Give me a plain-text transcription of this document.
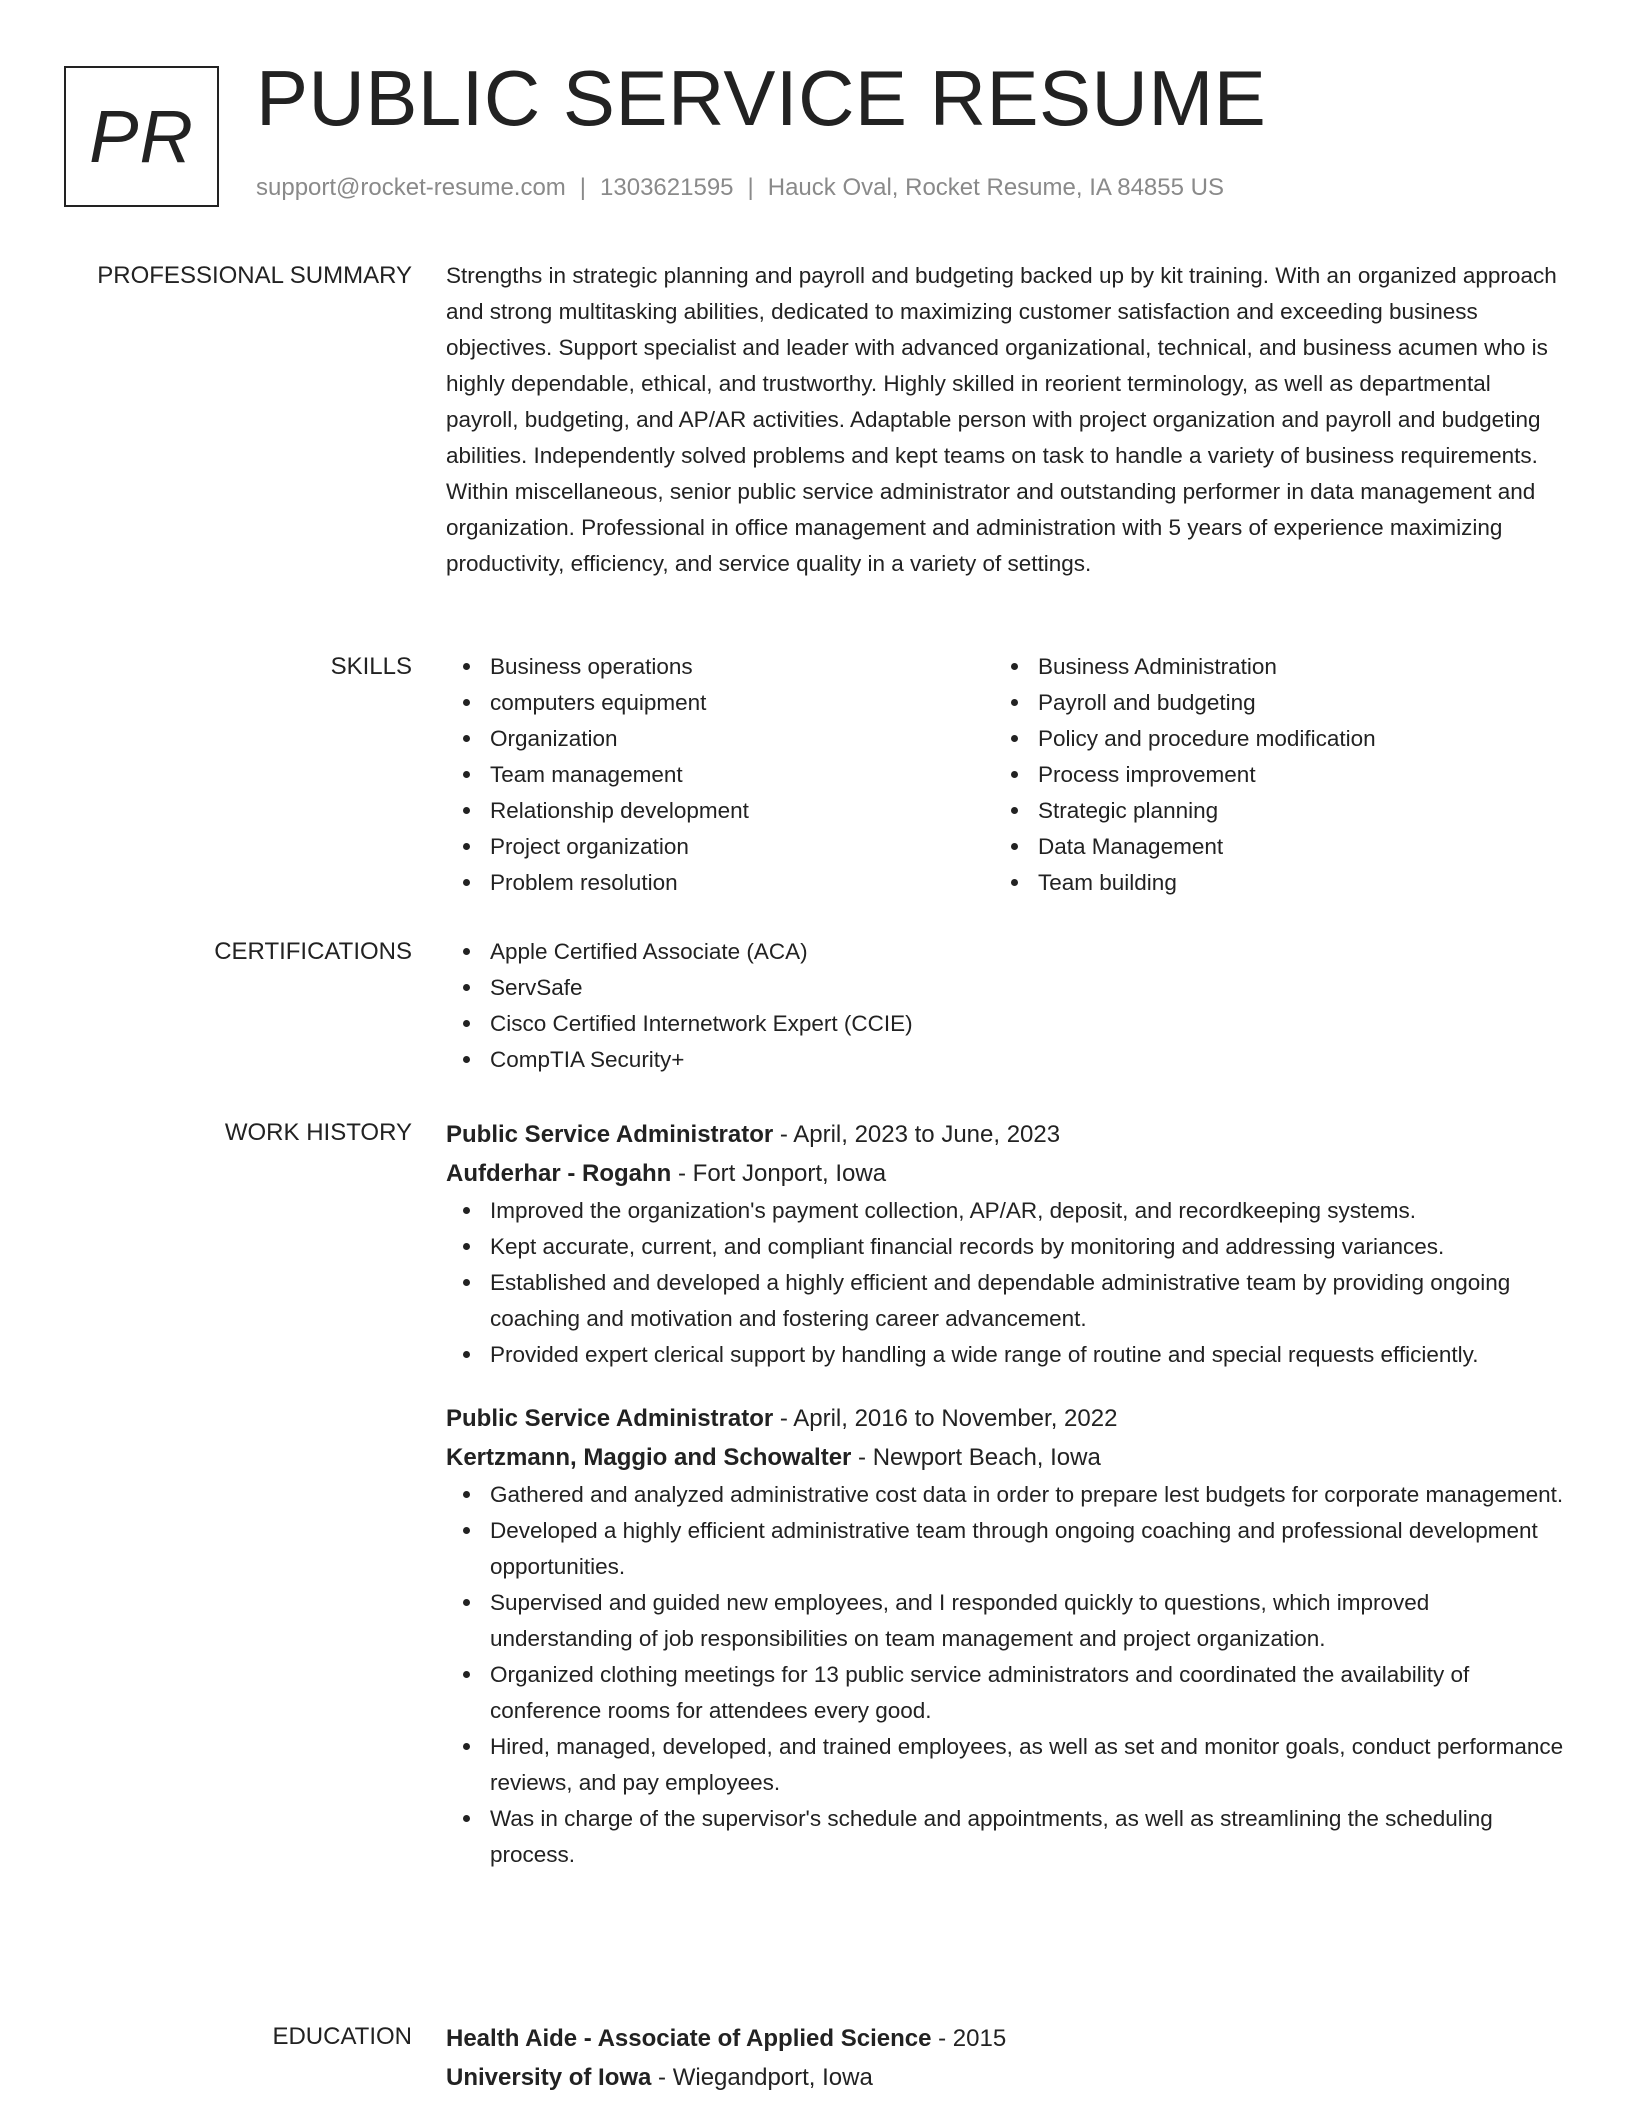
PR PUBLIC SERVICE RESUME
support@rocket-resume.com | 1303621595 | Hauck Oval, Rocket Resume, IA 84855 US
PROFESSIONAL SUMMARY Strengths in strategic planning and payroll and budgeting backed up by kit training. With an organized approach and strong multitasking abilities, dedicated to maximizing customer satisfaction and exceeding business objectives. Support specialist and leader with advanced organizational, technical, and business acumen who is highly dependable, ethical, and trustworthy. Highly skilled in reorient terminology, as well as departmental payroll, budgeting, and AP/AR activities. Adaptable person with project organization and payroll and budgeting abilities. Independently solved problems and kept teams on task to handle a variety of business requirements. Within miscellaneous, senior public service administrator and outstanding performer in data management and organization. Professional in office management and administration with 5 years of experience maximizing productivity, efficiency, and service quality in a variety of settings.

SKILLS	Business operations
computers equipment
Organization
Team management
Relationship development
Project organization
Problem resolution
Business Administration
Payroll and budgeting
Policy and procedure modification
Process improvement
Strategic planning
Data Management
Team building
CERTIFICATIONS	Apple Certified Associate (ACA)
ServSafe
Cisco Certified Internetwork Expert (CCIE)
CompTIA Security+
WORK HISTORY Public Service Administrator - April, 2023 to June, 2023
Aufderhar - Rogahn - Fort Jonport, Iowa
Improved the organization's payment collection, AP/AR, deposit, and recordkeeping systems.
Kept accurate, current, and compliant financial records by monitoring and addressing variances.
Established and developed a highly efficient and dependable administrative team by providing ongoing coaching and motivation and fostering career advancement.
Provided expert clerical support by handling a wide range of routine and special requests efficiently.
Public Service Administrator - April, 2016 to November, 2022
Kertzmann, Maggio and Schowalter - Newport Beach, Iowa
Gathered and analyzed administrative cost data in order to prepare lest budgets for corporate management.
Developed a highly efficient administrative team through ongoing coaching and professional development opportunities.
Supervised and guided new employees, and I responded quickly to questions, which improved understanding of job responsibilities on team management and project organization.
Organized clothing meetings for 13 public service administrators and coordinated the availability of conference rooms for attendees every good.
Hired, managed, developed, and trained employees, as well as set and monitor goals, conduct performance reviews, and pay employees.
Was in charge of the supervisor's schedule and appointments, as well as streamlining the scheduling process.
EDUCATION Health Aide - Associate of Applied Science - 2015
University of Iowa - Wiegandport, Iowa
